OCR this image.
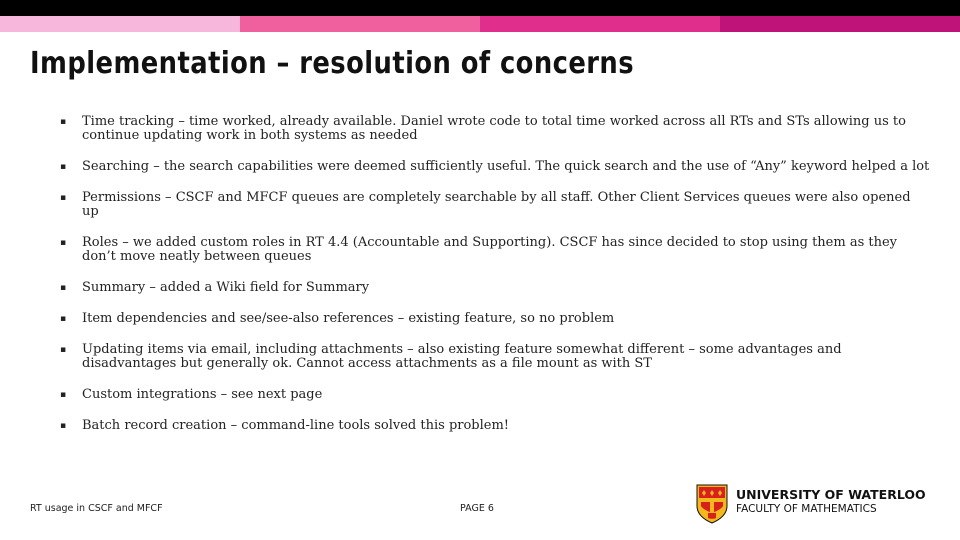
Implementation – resolution of concerns
▪ Time tracking – time worked, already available. Daniel wrote code to total time worked across all RTs and STs allowing us to continue updating work in both systems as needed
▪ Searching – the search capabilities were deemed sufficiently useful. The quick search and the use of “Any” keyword helped a lot
▪ Permissions – CSCF and MFCF queues are completely searchable by all staff. Other Client Services queues were also opened up
▪ Roles – we added custom roles in RT 4.4 (Accountable and Supporting). CSCF has since decided to stop using them as they don’t move neatly between queues
▪ Summary – added a Wiki field for Summary
▪ Item dependencies and see/see-also references – existing feature, so no problem
▪ Updating items via email, including attachments – also existing feature somewhat different – some advantages and disadvantages but generally ok. Cannot access attachments as a file mount as with ST
▪ Custom integrations – see next page
▪ Batch record creation – command-line tools solved this problem!
RT usage in CSCF and MFCF	PAGE 6
UNIVERSITY OF WATERLOO
FACULTY OF MATHEMATICS
